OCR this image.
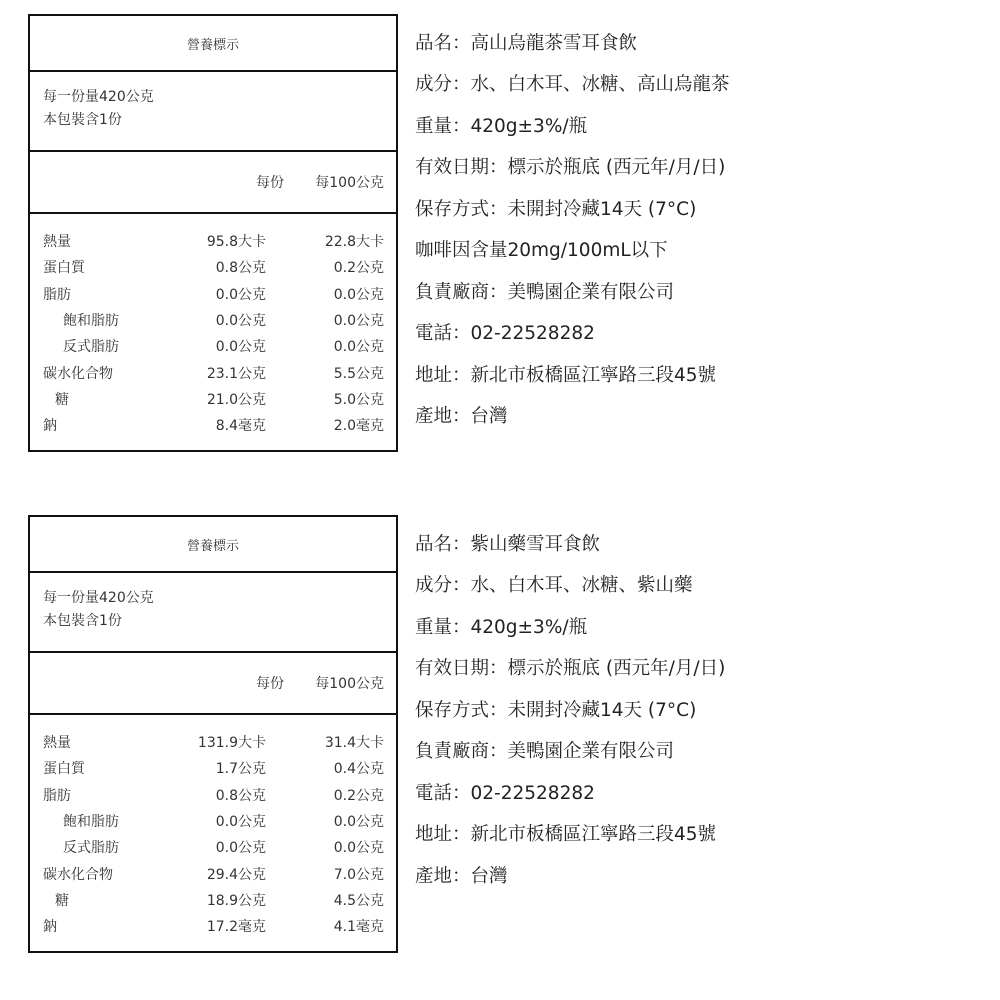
營養標示
每一份量420公克
本包裝含1份
每份	每100公克
熱量	95.8大卡	22.8大卡
蛋白質	0.8公克	0.2公克
脂肪	0.0公克	0.0公克
飽和脂肪	0.0公克	0.0公克
反式脂肪	0.0公克	0.0公克
碳水化合物	23.1公克	5.5公克
糖	21.0公克	5.0公克
鈉	8.4毫克	2.0毫克
品名：高山烏龍茶雪耳食飲
成分：水、白木耳、冰糖、高山烏龍茶
重量：420g±3%/瓶
有效日期：標示於瓶底 (西元年/月/日)
保存方式：未開封冷藏14天 (7°C)
咖啡因含量20mg/100mL以下
負責廠商：美鴨園企業有限公司
電話：02-22528282
地址：新北市板橋區江寧路三段45號
產地：台灣
營養標示
每一份量420公克
本包裝含1份
每份	每100公克
熱量	131.9大卡	31.4大卡
蛋白質	1.7公克	0.4公克
脂肪	0.8公克	0.2公克
飽和脂肪	0.0公克	0.0公克
反式脂肪	0.0公克	0.0公克
碳水化合物	29.4公克	7.0公克
糖	18.9公克	4.5公克
鈉	17.2毫克	4.1毫克
品名：紫山藥雪耳食飲
成分：水、白木耳、冰糖、紫山藥
重量：420g±3%/瓶
有效日期：標示於瓶底 (西元年/月/日)
保存方式：未開封冷藏14天 (7°C)
負責廠商：美鴨園企業有限公司
電話：02-22528282
地址：新北市板橋區江寧路三段45號
產地：台灣
